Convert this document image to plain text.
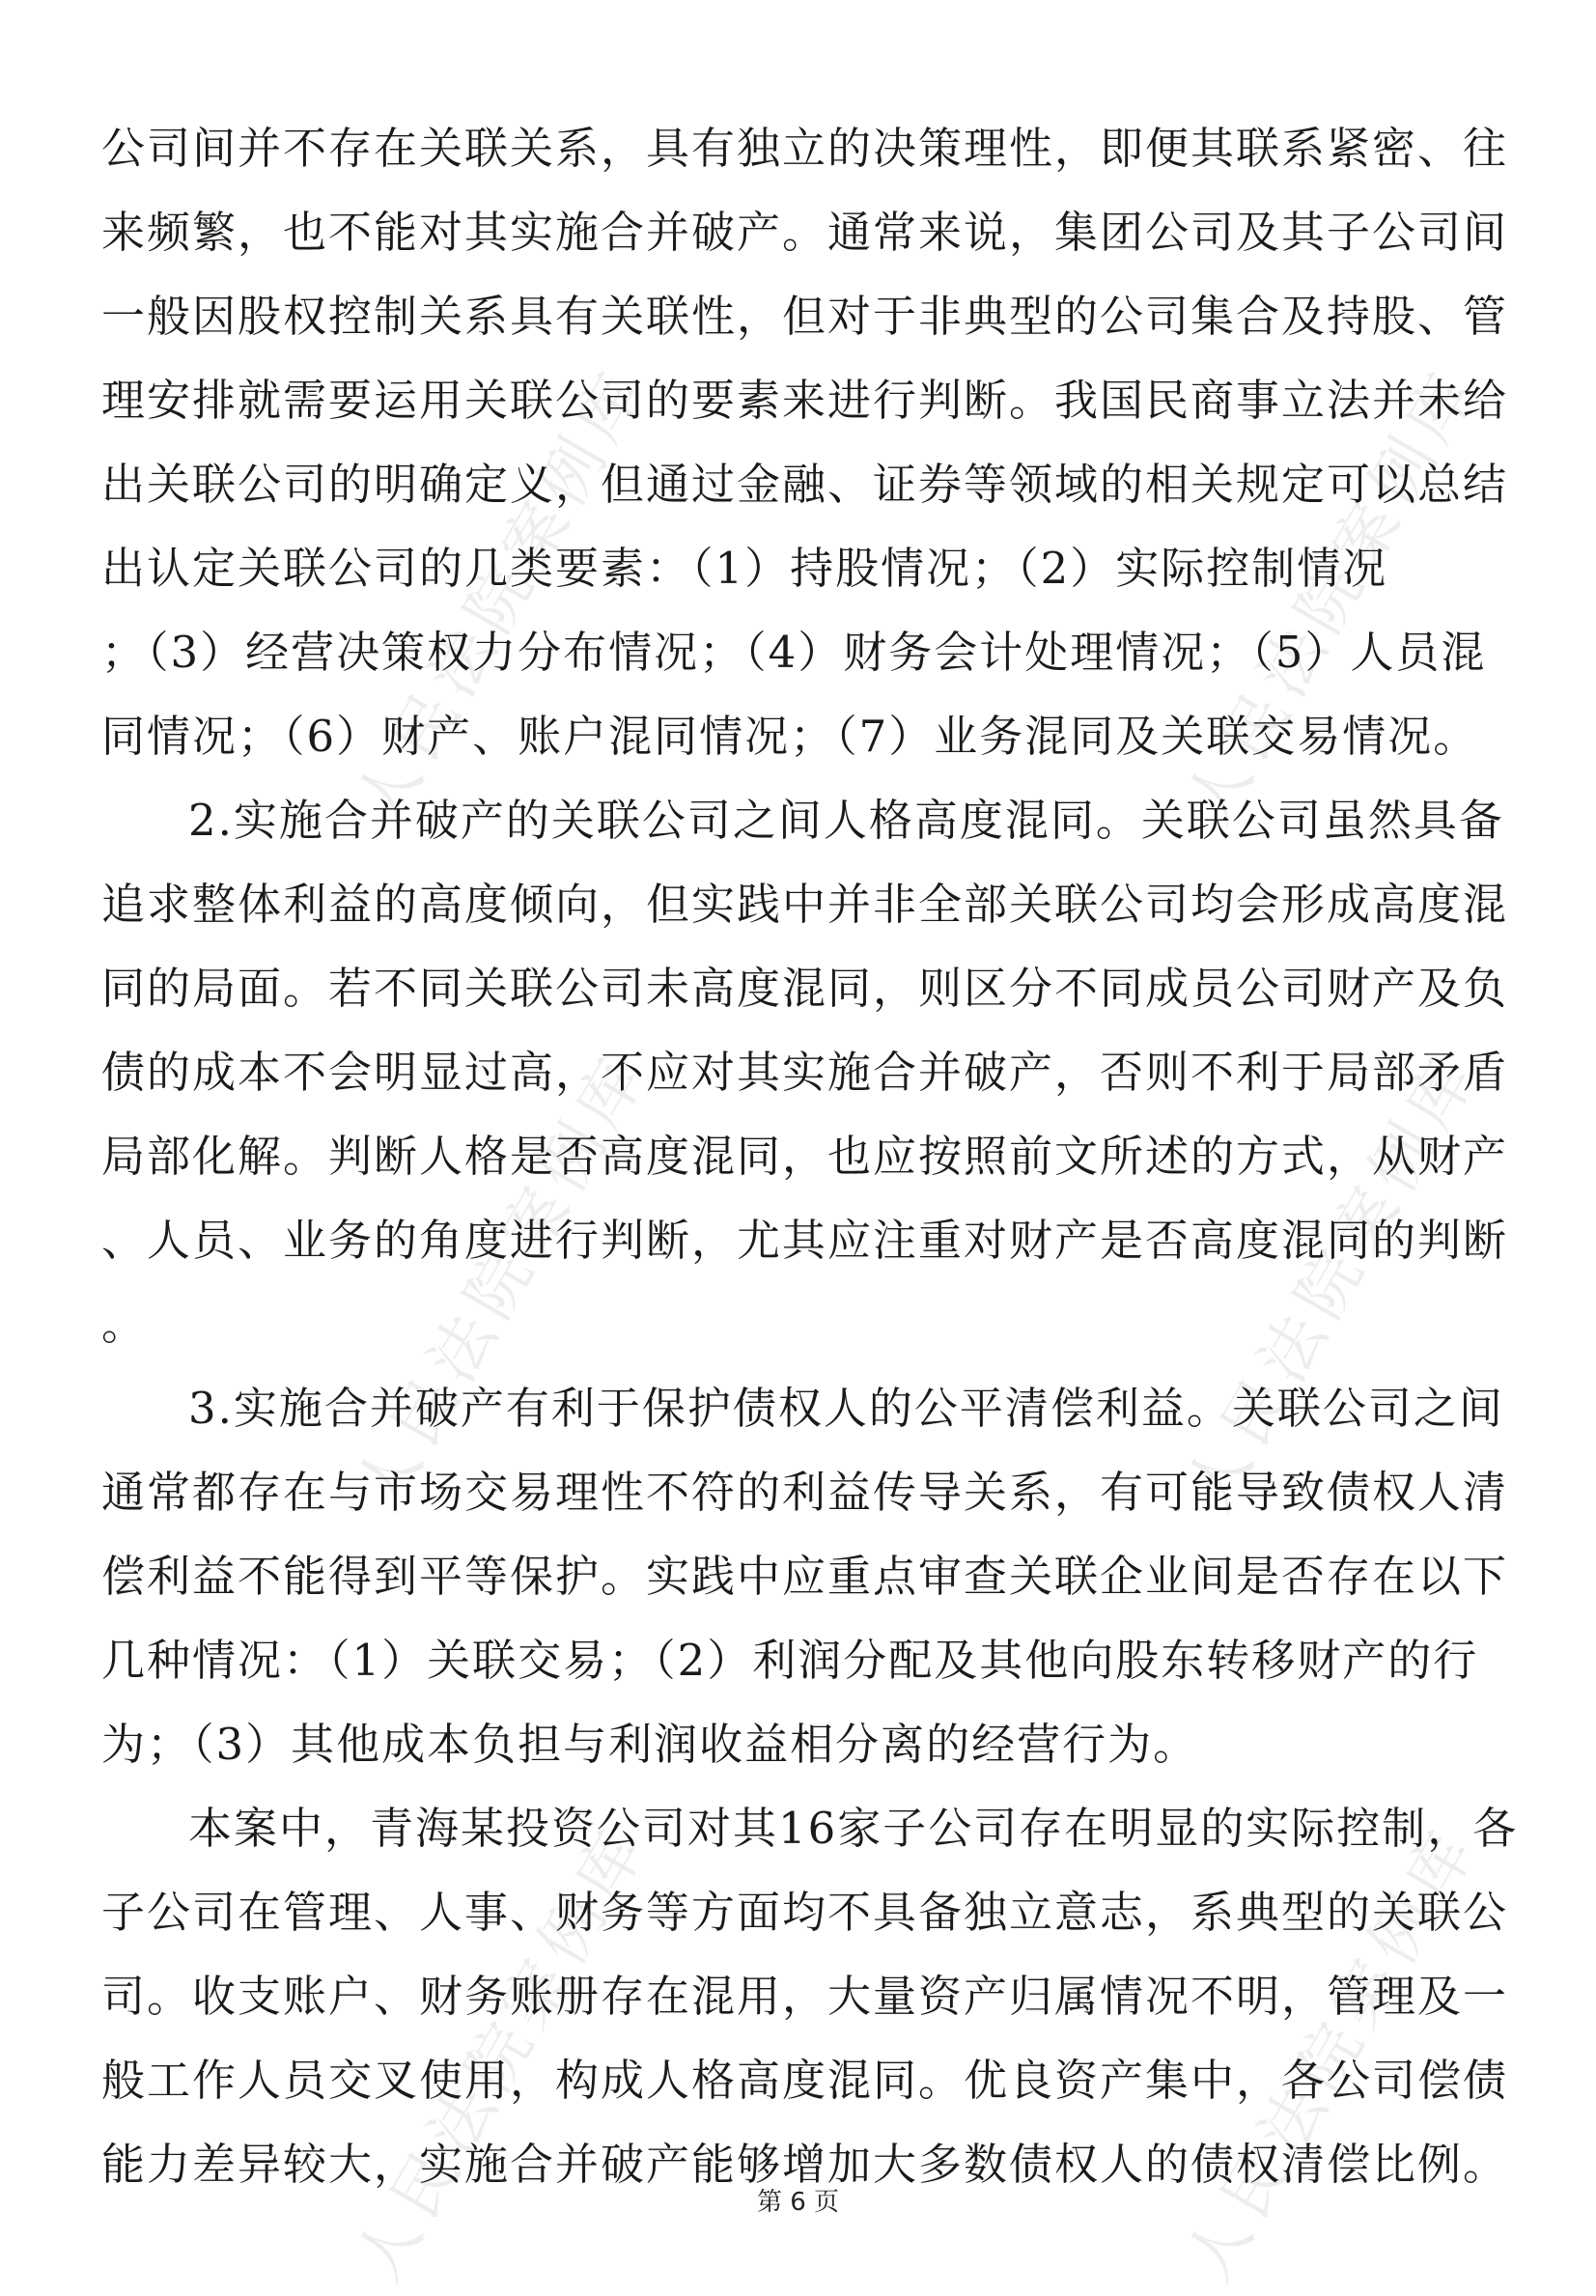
人民法院案例库	人民法院案例库
人民法院案例库	人民法院案例库
人民法院案例库	人民法院案例库
公司间并不存在关联关系，具有独立的决策理性，即便其联系紧密、往
来频繁，也不能对其实施合并破产。通常来说，集团公司及其子公司间
一般因股权控制关系具有关联性，但对于非典型的公司集合及持股、管
理安排就需要运用关联公司的要素来进行判断。我国民商事立法并未给
出关联公司的明确定义，但通过金融、证券等领域的相关规定可以总结
出认定关联公司的几类要素：（1）持股情况；（2）实际控制情况
；（3）经营决策权力分布情况；（4）财务会计处理情况；（5）人员混
同情况；（6）财产、账户混同情况；（7）业务混同及关联交易情况。
2.实施合并破产的关联公司之间人格高度混同。关联公司虽然具备
追求整体利益的高度倾向，但实践中并非全部关联公司均会形成高度混
同的局面。若不同关联公司未高度混同，则区分不同成员公司财产及负
债的成本不会明显过高，不应对其实施合并破产，否则不利于局部矛盾
局部化解。判断人格是否高度混同，也应按照前文所述的方式，从财产
、人员、业务的角度进行判断，尤其应注重对财产是否高度混同的判断
。
3.实施合并破产有利于保护债权人的公平清偿利益。关联公司之间
通常都存在与市场交易理性不符的利益传导关系，有可能导致债权人清
偿利益不能得到平等保护。实践中应重点审查关联企业间是否存在以下
几种情况：（1）关联交易；（2）利润分配及其他向股东转移财产的行
为；（3）其他成本负担与利润收益相分离的经营行为。
本案中，青海某投资公司对其16家子公司存在明显的实际控制，各
子公司在管理、人事、财务等方面均不具备独立意志，系典型的关联公
司。收支账户、财务账册存在混用，大量资产归属情况不明，管理及一
般工作人员交叉使用，构成人格高度混同。优良资产集中，各公司偿债
能力差异较大，实施合并破产能够增加大多数债权人的债权清偿比例。
第 6 页
